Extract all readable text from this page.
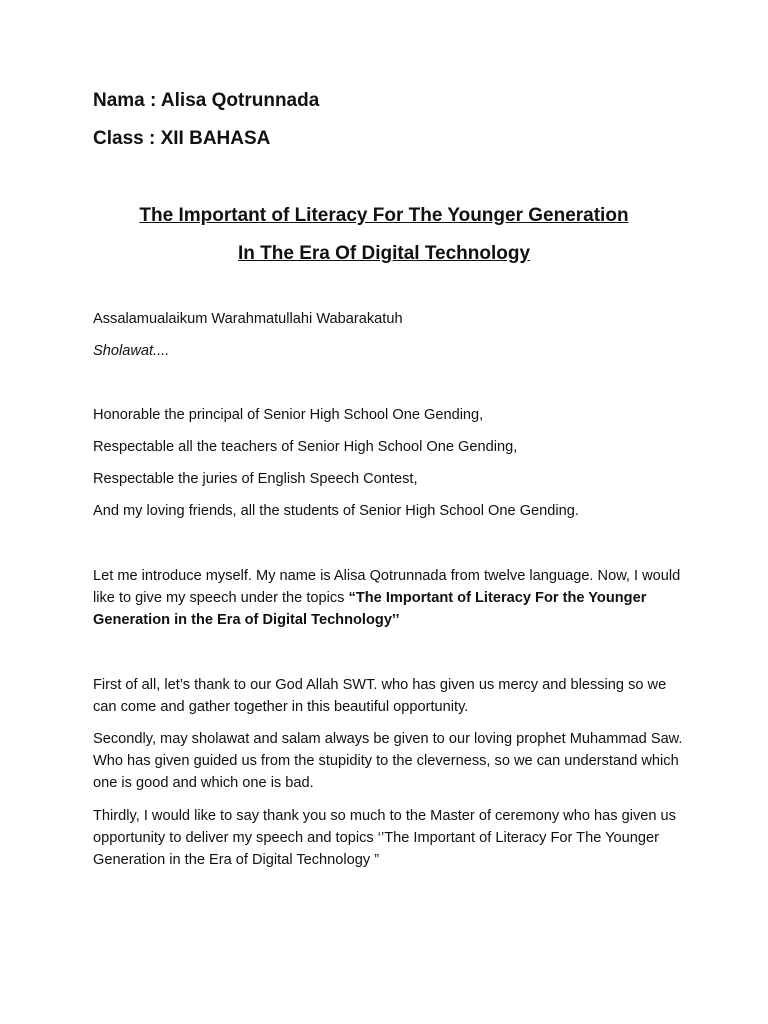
Nama : Alisa Qotrunnada
Class : XII BAHASA
The Important of Literacy For The Younger Generation
In The Era Of Digital Technology
Assalamualaikum Warahmatullahi Wabarakatuh
Sholawat....
Honorable the principal of Senior High School One Gending,
Respectable all the teachers of Senior High School One Gending,
Respectable the juries of English Speech Contest,
And my loving friends, all the students of Senior High School One Gending.
Let me introduce myself. My name is Alisa Qotrunnada from twelve language. Now, I would like to give my speech under the topics “The Important of Literacy For the Younger Generation in the Era of Digital Technology’’
First of all, let’s thank to our God Allah SWT. who has given us mercy and blessing so we can come and gather together in this beautiful opportunity.
Secondly, may sholawat and salam always be given to our loving prophet Muhammad Saw. Who has given guided us from the stupidity to the cleverness, so we can understand which one is good and which one is bad.
Thirdly, I would like to say thank you so much to the Master of ceremony who has given us opportunity to deliver my speech and topics ‘’The Important of Literacy For The Younger Generation in the Era of Digital Technology ”
